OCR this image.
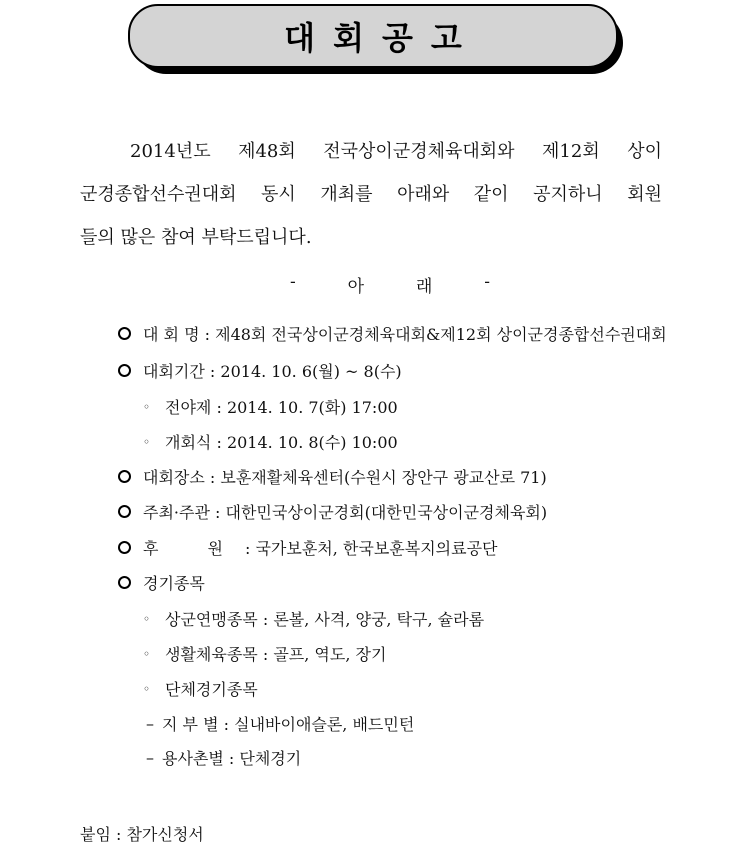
대회공고
2014년도 제48회 전국상이군경체육대회와 제12회 상이
군경종합선수권대회 동시 개최를 아래와 같이 공지하니 회원
들의 많은 참여 부탁드립니다.
-	아	래	-
대 회 명
: 제48회 전국상이군경체육대회&제12회 상이군경종합선수권대회
대회기간
: 2014. 10. 6(월) ~ 8(수)
◦ 전야제
: 2014. 10. 7(화) 17:00
◦ 개회식
: 2014. 10. 8(수) 10:00
대회장소
: 보훈재활체육센터(수원시 장안구 광교산로 71)
주최·주관
: 대한민국상이군경회(대한민국상이군경체육회)
후 원 : 국가보훈처, 한국보훈복지의료공단
경기종목
◦ 상군연맹종목
: 론볼, 사격, 양궁, 탁구, 슐라롬
◦ 생활체육종목
: 골프, 역도, 장기
◦ 단체경기종목
– 지 부 별
: 실내바이애슬론, 배드민턴
– 용사촌별
: 단체경기
붙임 : 참가신청서
